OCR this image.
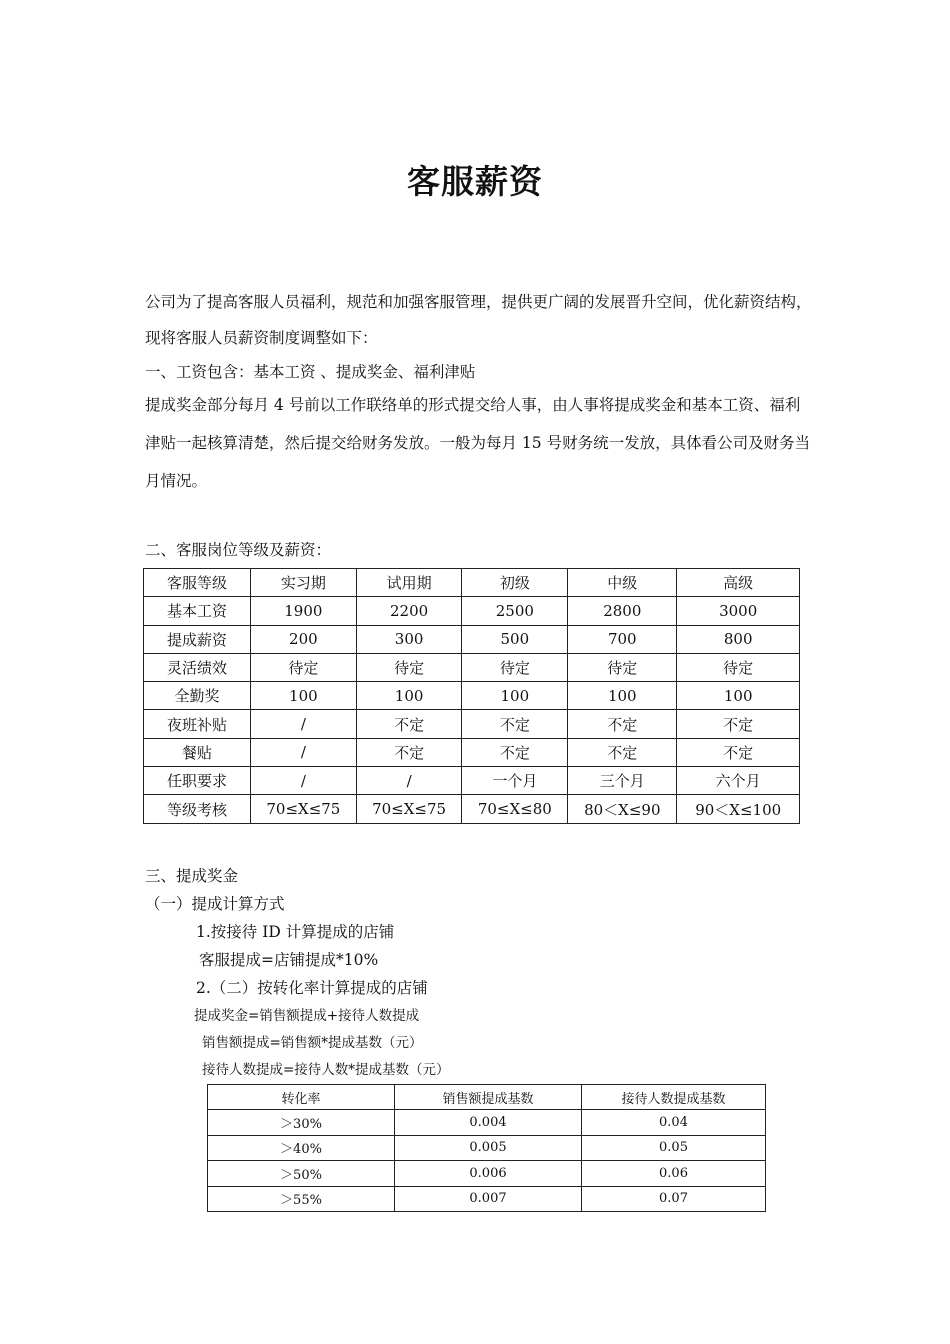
客服薪资
公司为了提高客服人员福利，规范和加强客服管理，提供更广阔的发展晋升空间，优化薪资结构，现将客服人员薪资制度调整如下：
一、工资包含：基本工资 、提成奖金、福利津贴
提成奖金部分每月 4 号前以工作联络单的形式提交给人事，由人事将提成奖金和基本工资、福利津贴一起核算清楚，然后提交给财务发放。一般为每月 15 号财务统一发放，具体看公司及财务当月情况。
二、客服岗位等级及薪资：
客服等级	实习期	试用期	初级	中级	高级
基本工资	1900	2200	2500	2800	3000
提成薪资	200	300	500	700	800
灵活绩效	待定	待定	待定	待定	待定
全勤奖	100	100	100	100	100
夜班补贴	/	不定	不定	不定	不定
餐贴	/	不定	不定	不定	不定
任职要求	/	/	一个月	三个月	六个月
等级考核	70≤X≤75	70≤X≤75	70≤X≤80	80＜X≤90	90＜X≤100
三、提成奖金
（一）提成计算方式
1.按接待 ID 计算提成的店铺
客服提成=店铺提成*10%
2.（二）按转化率计算提成的店铺
提成奖金=销售额提成+接待人数提成
销售额提成=销售额*提成基数（元）
接待人数提成=接待人数*提成基数（元）
转化率	销售额提成基数	接待人数提成基数
＞30%	0.004	0.04
＞40%	0.005	0.05
＞50%	0.006	0.06
＞55%	0.007	0.07
